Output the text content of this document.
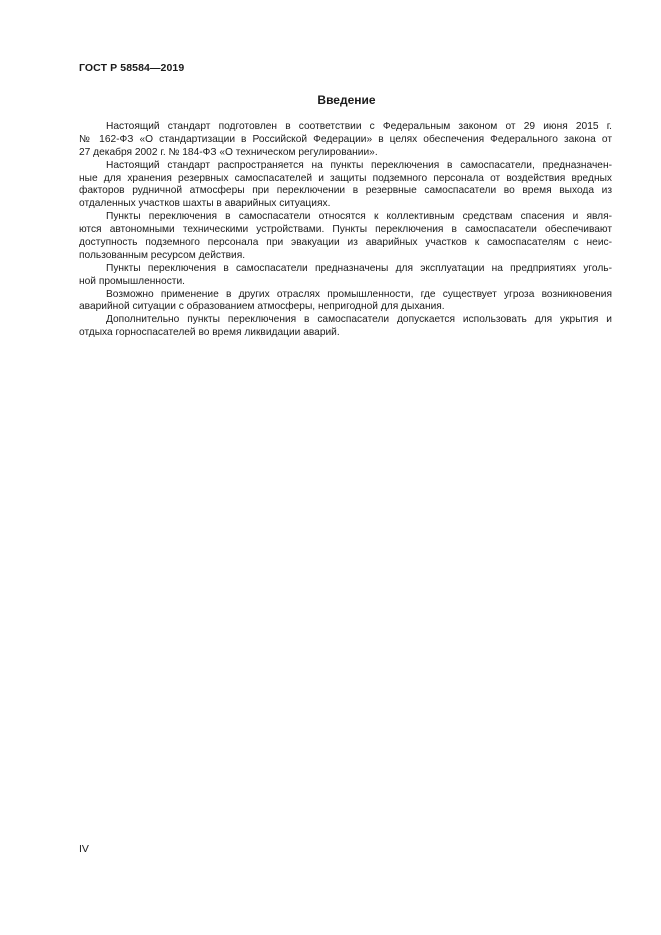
ГОСТ Р 58584—2019
Введение
Настоящий стандарт подготовлен в соответствии с Федеральным законом от 29 июня 2015 г.
№ 162-ФЗ «О стандартизации в Российской Федерации» в целях обеспечения Федерального закона от
27 декабря 2002 г. № 184-ФЗ «О техническом регулировании».
Настоящий стандарт распространяется на пункты переключения в самоспасатели, предназначен-
ные для хранения резервных самоспасателей и защиты подземного персонала от воздействия вредных
факторов рудничной атмосферы при переключении в резервные самоспасатели во время выхода из
отдаленных участков шахты в аварийных ситуациях.
Пункты переключения в самоспасатели относятся к коллективным средствам спасения и явля-
ются автономными техническими устройствами. Пункты переключения в самоспасатели обеспечивают
доступность подземного персонала при эвакуации из аварийных участков к самоспасателям с неис-
пользованным ресурсом действия.
Пункты переключения в самоспасатели предназначены для эксплуатации на предприятиях уголь-
ной промышленности.
Возможно применение в других отраслях промышленности, где существует угроза возникновения
аварийной ситуации с образованием атмосферы, непригодной для дыхания.
Дополнительно пункты переключения в самоспасатели допускается использовать для укрытия и
отдыха горноспасателей во время ликвидации аварий.
IV
